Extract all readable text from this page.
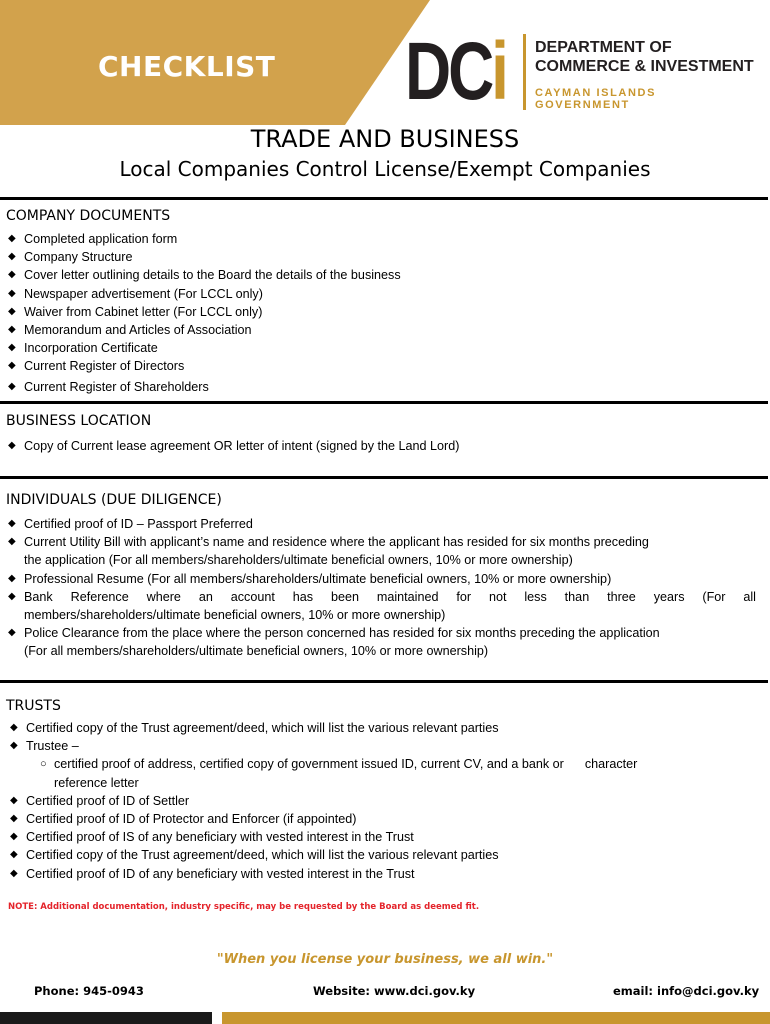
CHECKLIST DCi DEPARTMENT OF
COMMERCE & INVESTMENT
CAYMAN ISLANDS GOVERNMENT
TRADE AND BUSINESS
Local Companies Control License/Exempt Companies
COMPANY DOCUMENTS
◆ Completed application form
◆ Company Structure
◆ Cover letter outlining details to the Board the details of the business
◆ Newspaper advertisement (For LCCL only)
◆ Waiver from Cabinet letter (For LCCL only)
◆ Memorandum and Articles of Association
◆ Incorporation Certificate
◆ Current Register of Directors
◆ Current Register of Shareholders
BUSINESS LOCATION
◆ Copy of Current lease agreement OR letter of intent (signed by the Land Lord)
INDIVIDUALS (DUE DILIGENCE)
◆ Certified proof of ID – Passport Preferred
◆ Current Utility Bill with applicant’s name and residence where the applicant has resided for six months preceding
the application (For all members/shareholders/ultimate beneficial owners, 10% or more ownership)
◆ Professional Resume (For all members/shareholders/ultimate beneficial owners, 10% or more ownership)
◆ Bank Reference where an account has been maintained for not less than three years (For all
members/shareholders/ultimate beneficial owners, 10% or more ownership)
◆ Police Clearance from the place where the person concerned has resided for six months preceding the application
(For all members/shareholders/ultimate beneficial owners, 10% or more ownership)
TRUSTS
◆ Certified copy of the Trust agreement/deed, which will list the various relevant parties
◆ Trustee –
○ certified proof of address, certified copy of government issued ID, current CV, and a bank or      character
reference letter
◆ Certified proof of ID of Settler
◆ Certified proof of ID of Protector and Enforcer (if appointed)
◆ Certified proof of IS of any beneficiary with vested interest in the Trust
◆ Certified copy of the Trust agreement/deed, which will list the various relevant parties
◆ Certified proof of ID of any beneficiary with vested interest in the Trust
NOTE: Additional documentation, industry specific, may be requested by the Board as deemed fit.
"When you license your business, we all win."
Phone: 945-0943	Website: www.dci.gov.ky	email: info@dci.gov.ky
